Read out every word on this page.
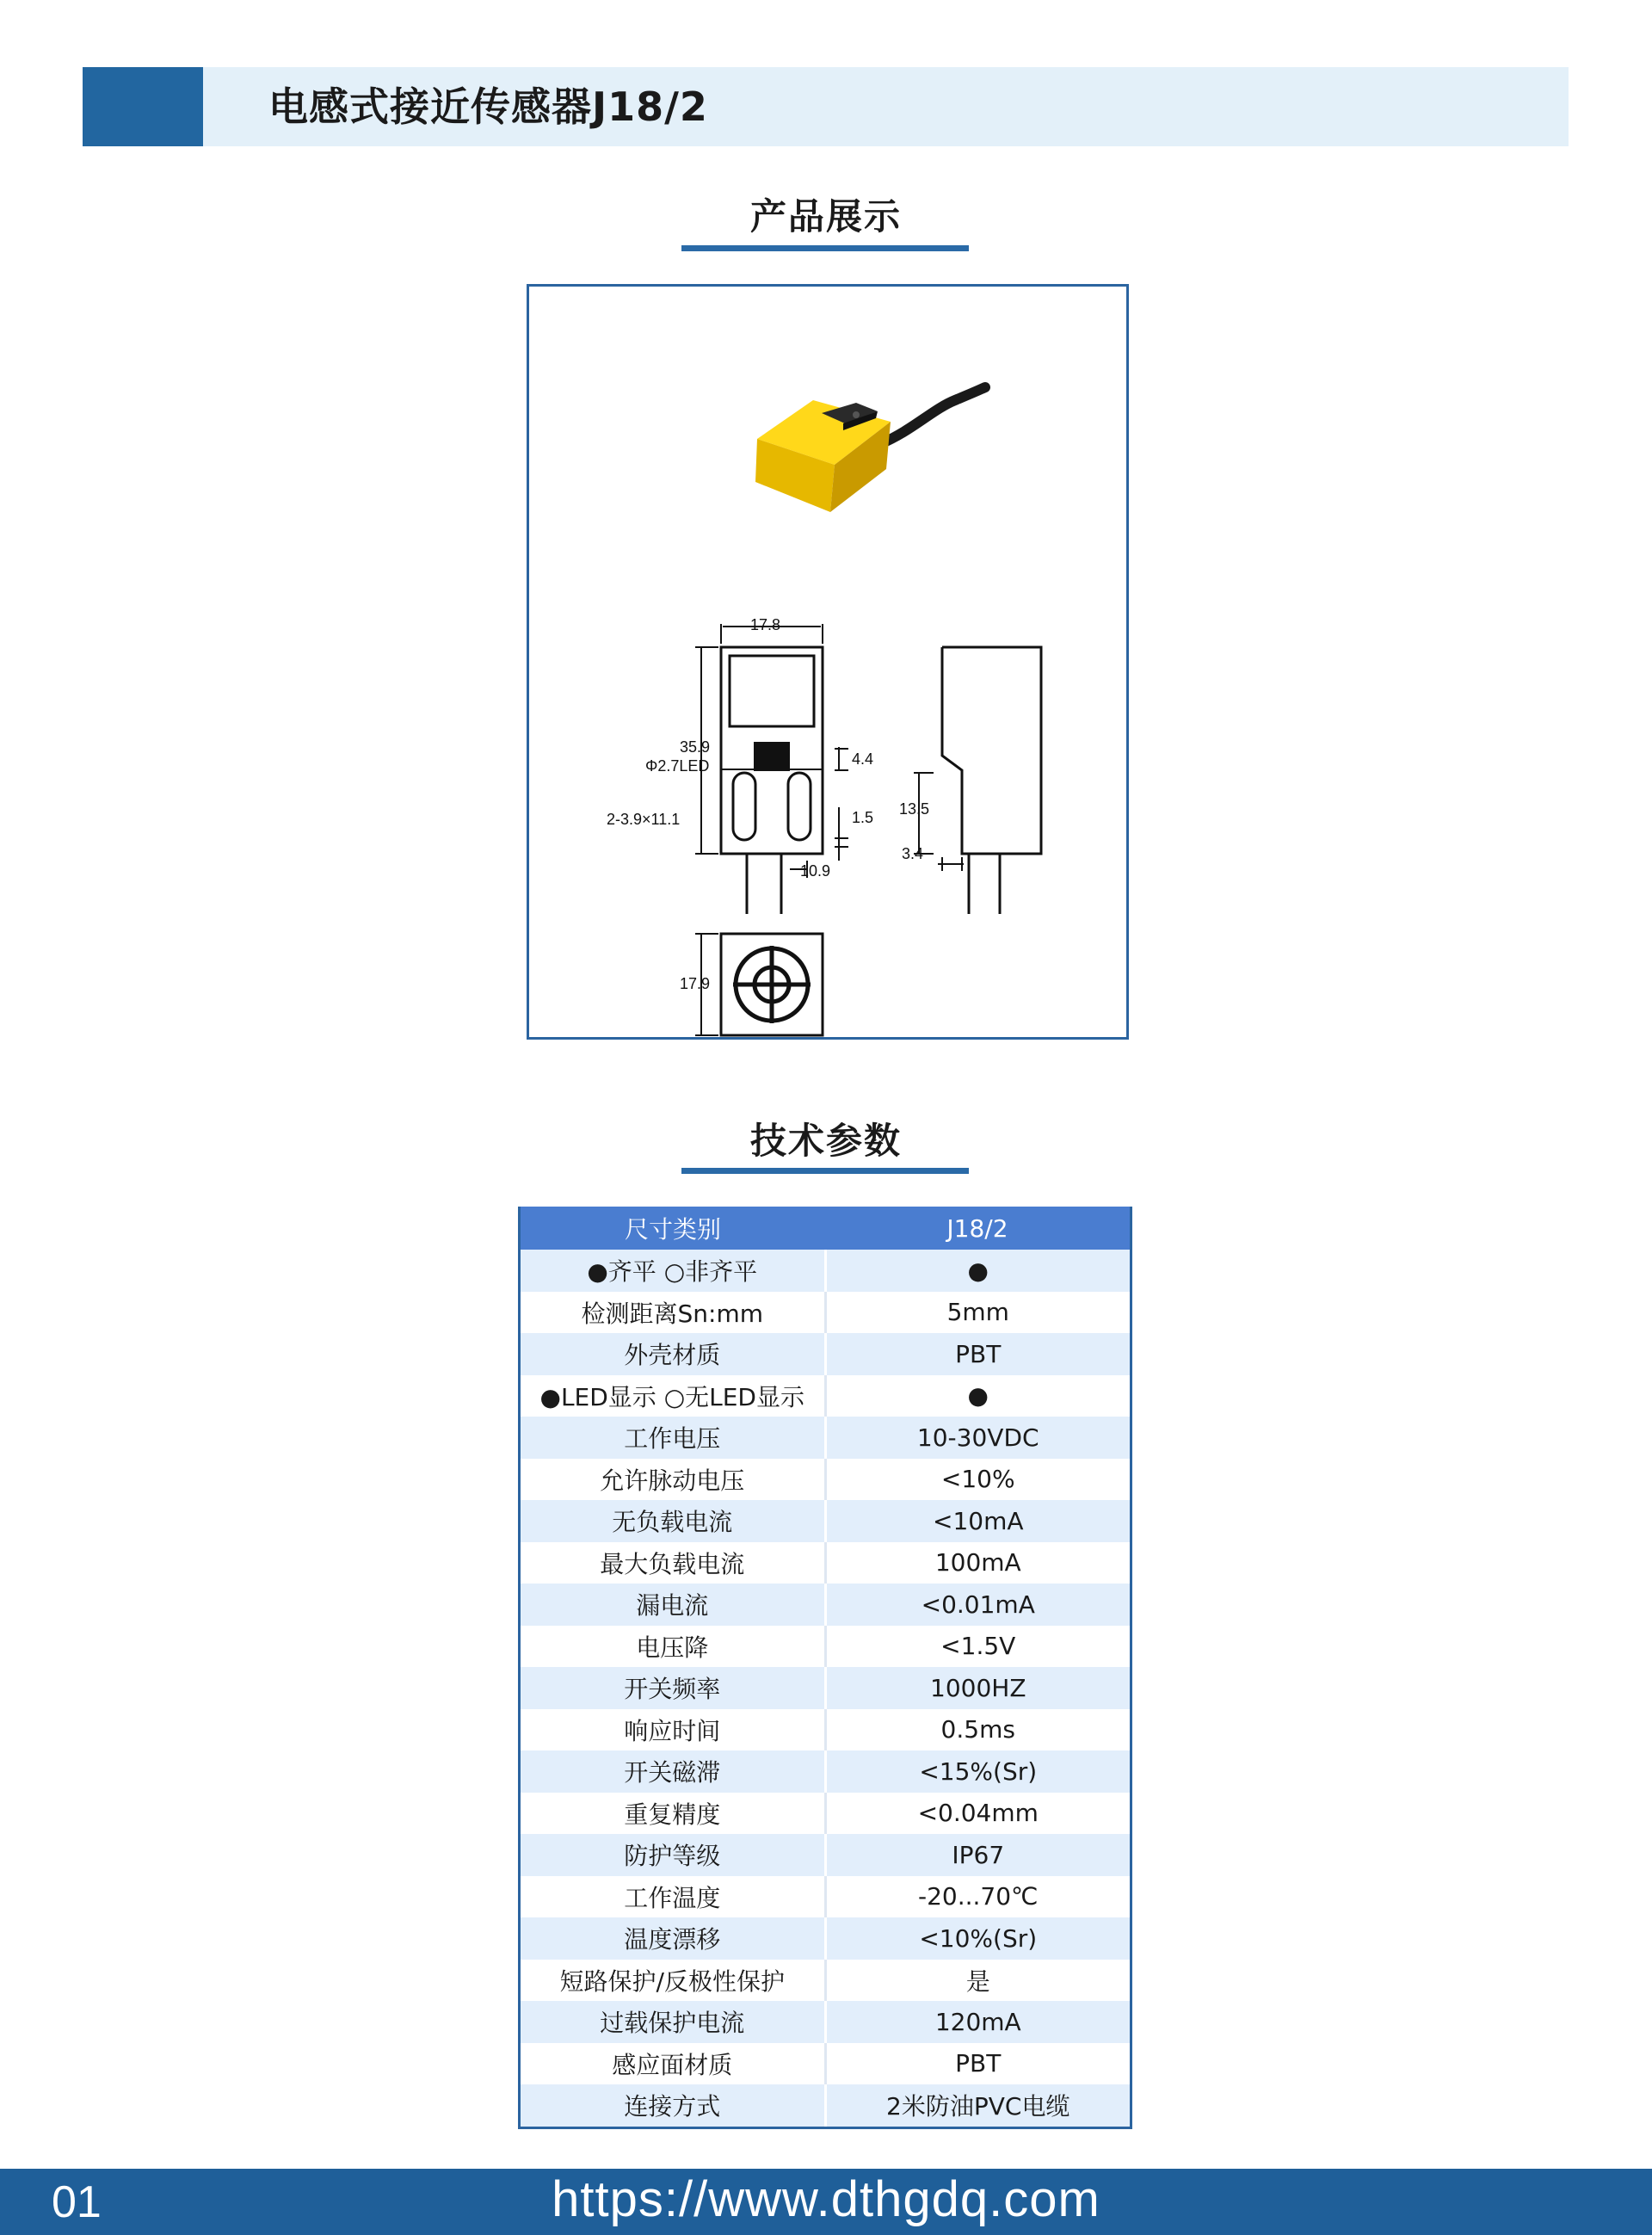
电感式接近传感器J18/2
产品展示
17.8
35.9
Φ2.7LED
2-3.9×11.1
4.4
1.5
10.9
13.5
3.4
17.9
技术参数
尺寸类别	J18/2
●齐平 ○非齐平	●
检测距离Sn:mm	5mm
外壳材质	PBT
●LED显示 ○无LED显示	●
工作电压	10-30VDC
允许脉动电压	<10%
无负载电流	<10mA
最大负载电流	100mA
漏电流	<0.01mA
电压降	<1.5V
开关频率	1000HZ
响应时间	0.5ms
开关磁滞	<15%(Sr)
重复精度	<0.04mm
防护等级	IP67
工作温度	-20...70℃
温度漂移	<10%(Sr)
短路保护/反极性保护	是
过载保护电流	120mA
感应面材质	PBT
连接方式	2米防油PVC电缆
01	https://www.dthgdq.com
